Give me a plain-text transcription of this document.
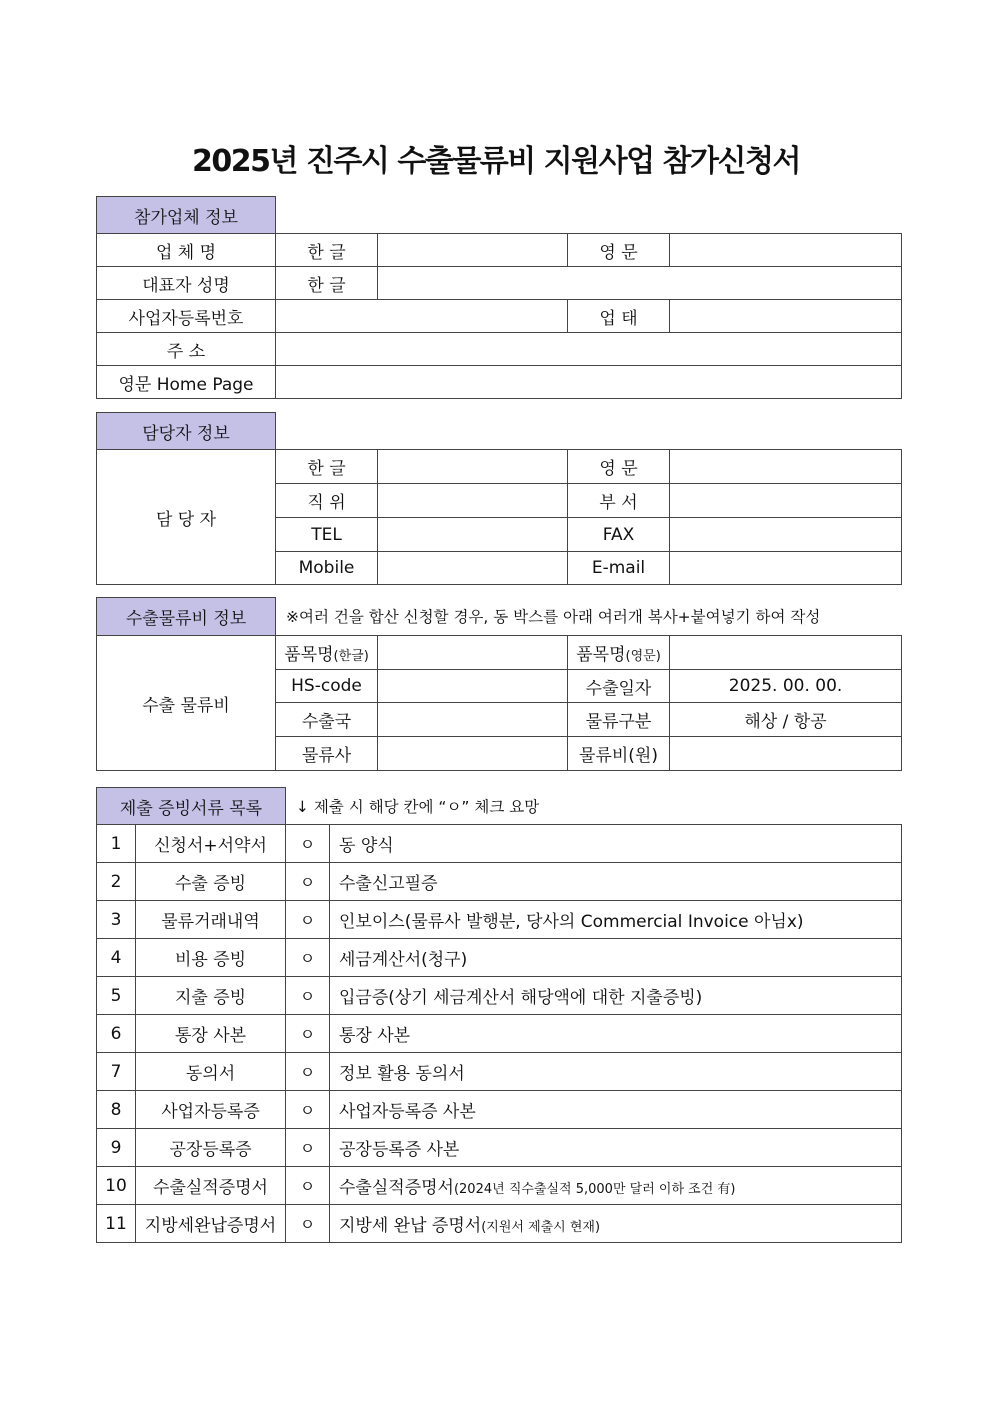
2025년 진주시 수출물류비 지원사업 참가신청서
참가업체 정보				
업 체 명	한 글		영 문	
대표자 성명	한 글			
사업자등록번호			업 태	
주 소				
영문 Home Page				
담당자 정보				
담 당 자	한 글		영 문	
	직 위		부 서	
	TEL		FAX	
	Mobile		E-mail	
수출물류비 정보	※여러 건을 합산 신청할 경우, 동 박스를 아래 여러개 복사+붙여넣기 하여 작성			
수출 물류비	품목명(한글)		품목명(영문)	
	HS-code		수출일자	2025. 00. 00.
	수출국		물류구분	해상 / 항공
	물류사		물류비(원)	
제출 증빙서류 목록		↓ 제출 시 해당 칸에 “ㅇ” 체크 요망	
1	신청서+서약서	ㅇ	동 양식
2	수출 증빙	ㅇ	수출신고필증
3	물류거래내역	ㅇ	인보이스(물류사 발행분, 당사의 Commercial Invoice 아님x)
4	비용 증빙	ㅇ	세금계산서(청구)
5	지출 증빙	ㅇ	입금증(상기 세금계산서 해당액에 대한 지출증빙)
6	통장 사본	ㅇ	통장 사본
7	동의서	ㅇ	정보 활용 동의서
8	사업자등록증	ㅇ	사업자등록증 사본
9	공장등록증	ㅇ	공장등록증 사본
10	수출실적증명서	ㅇ	수출실적증명서(2024년 직수출실적 5,000만 달러 이하 조건 有)
11	지방세완납증명서	ㅇ	지방세 완납 증명서(지원서 제출시 현재)
